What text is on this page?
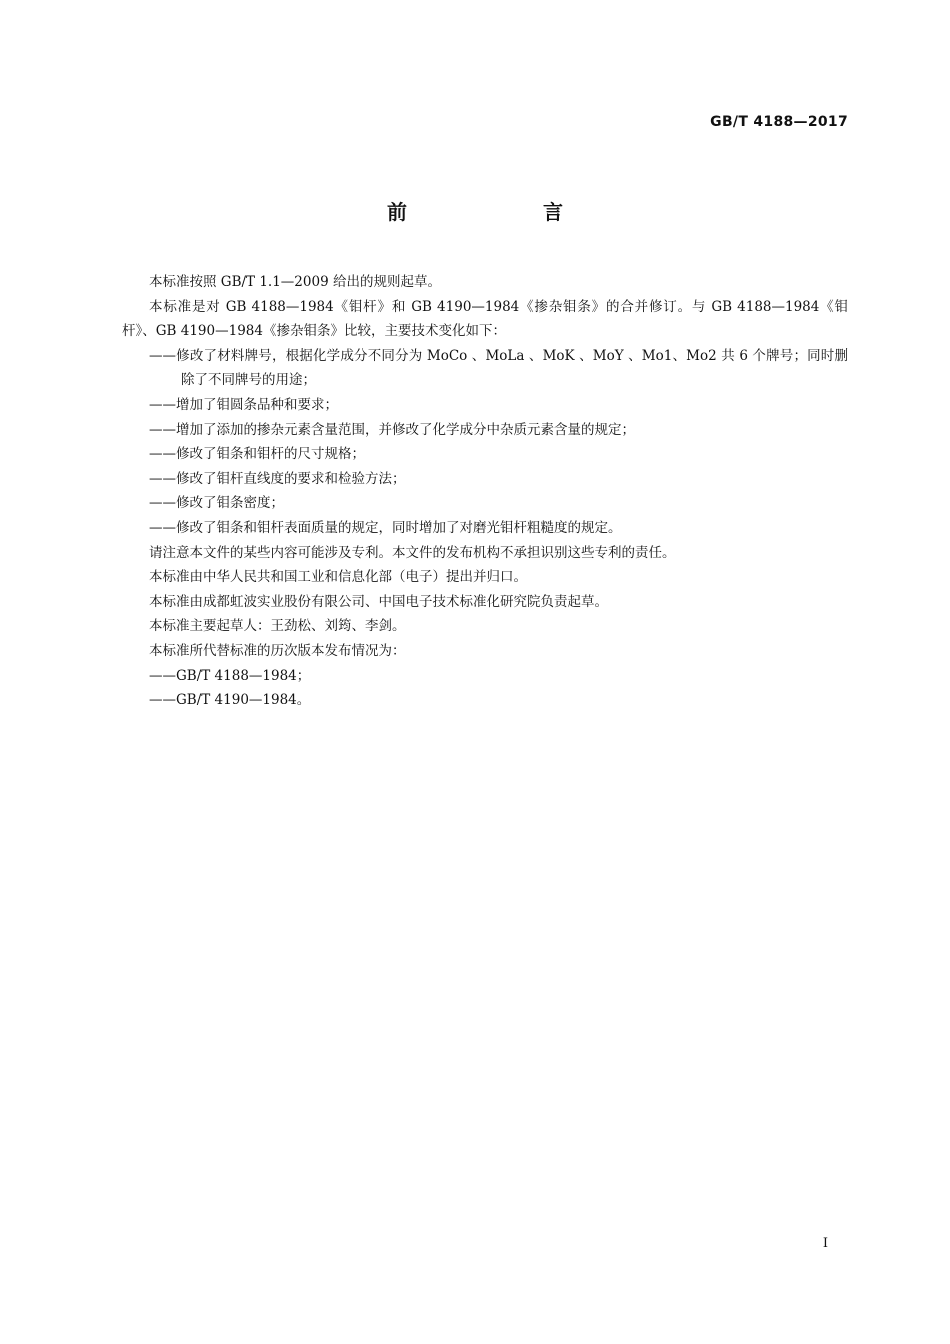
GB/T 4188—2017
前　言

本标准按照 GB/T 1.1—2009 给出的规则起草。

本标准是对 GB 4188—1984《钼杆》和 GB 4190—1984《掺杂钼条》的合并修订。与 GB 4188—1984《钼杆》、GB 4190—1984《掺杂钼条》比较，主要技术变化如下：

——修改了材料牌号，根据化学成分不同分为 MoCo 、MoLa 、MoK 、MoY 、Mo1、Mo2 共 6 个牌号；同时删除了不同牌号的用途；

——增加了钼圆条品种和要求；

——增加了添加的掺杂元素含量范围，并修改了化学成分中杂质元素含量的规定；

——修改了钼条和钼杆的尺寸规格；

——修改了钼杆直线度的要求和检验方法；

——修改了钼条密度；

——修改了钼条和钼杆表面质量的规定，同时增加了对磨光钼杆粗糙度的规定。

请注意本文件的某些内容可能涉及专利。本文件的发布机构不承担识别这些专利的责任。

本标准由中华人民共和国工业和信息化部（电子）提出并归口。

本标准由成都虹波实业股份有限公司、中国电子技术标准化研究院负责起草。

本标准主要起草人：王劲松、刘筠、李剑。

本标准所代替标准的历次版本发布情况为：

——GB/T 4188—1984；

——GB/T 4190—1984。

I
